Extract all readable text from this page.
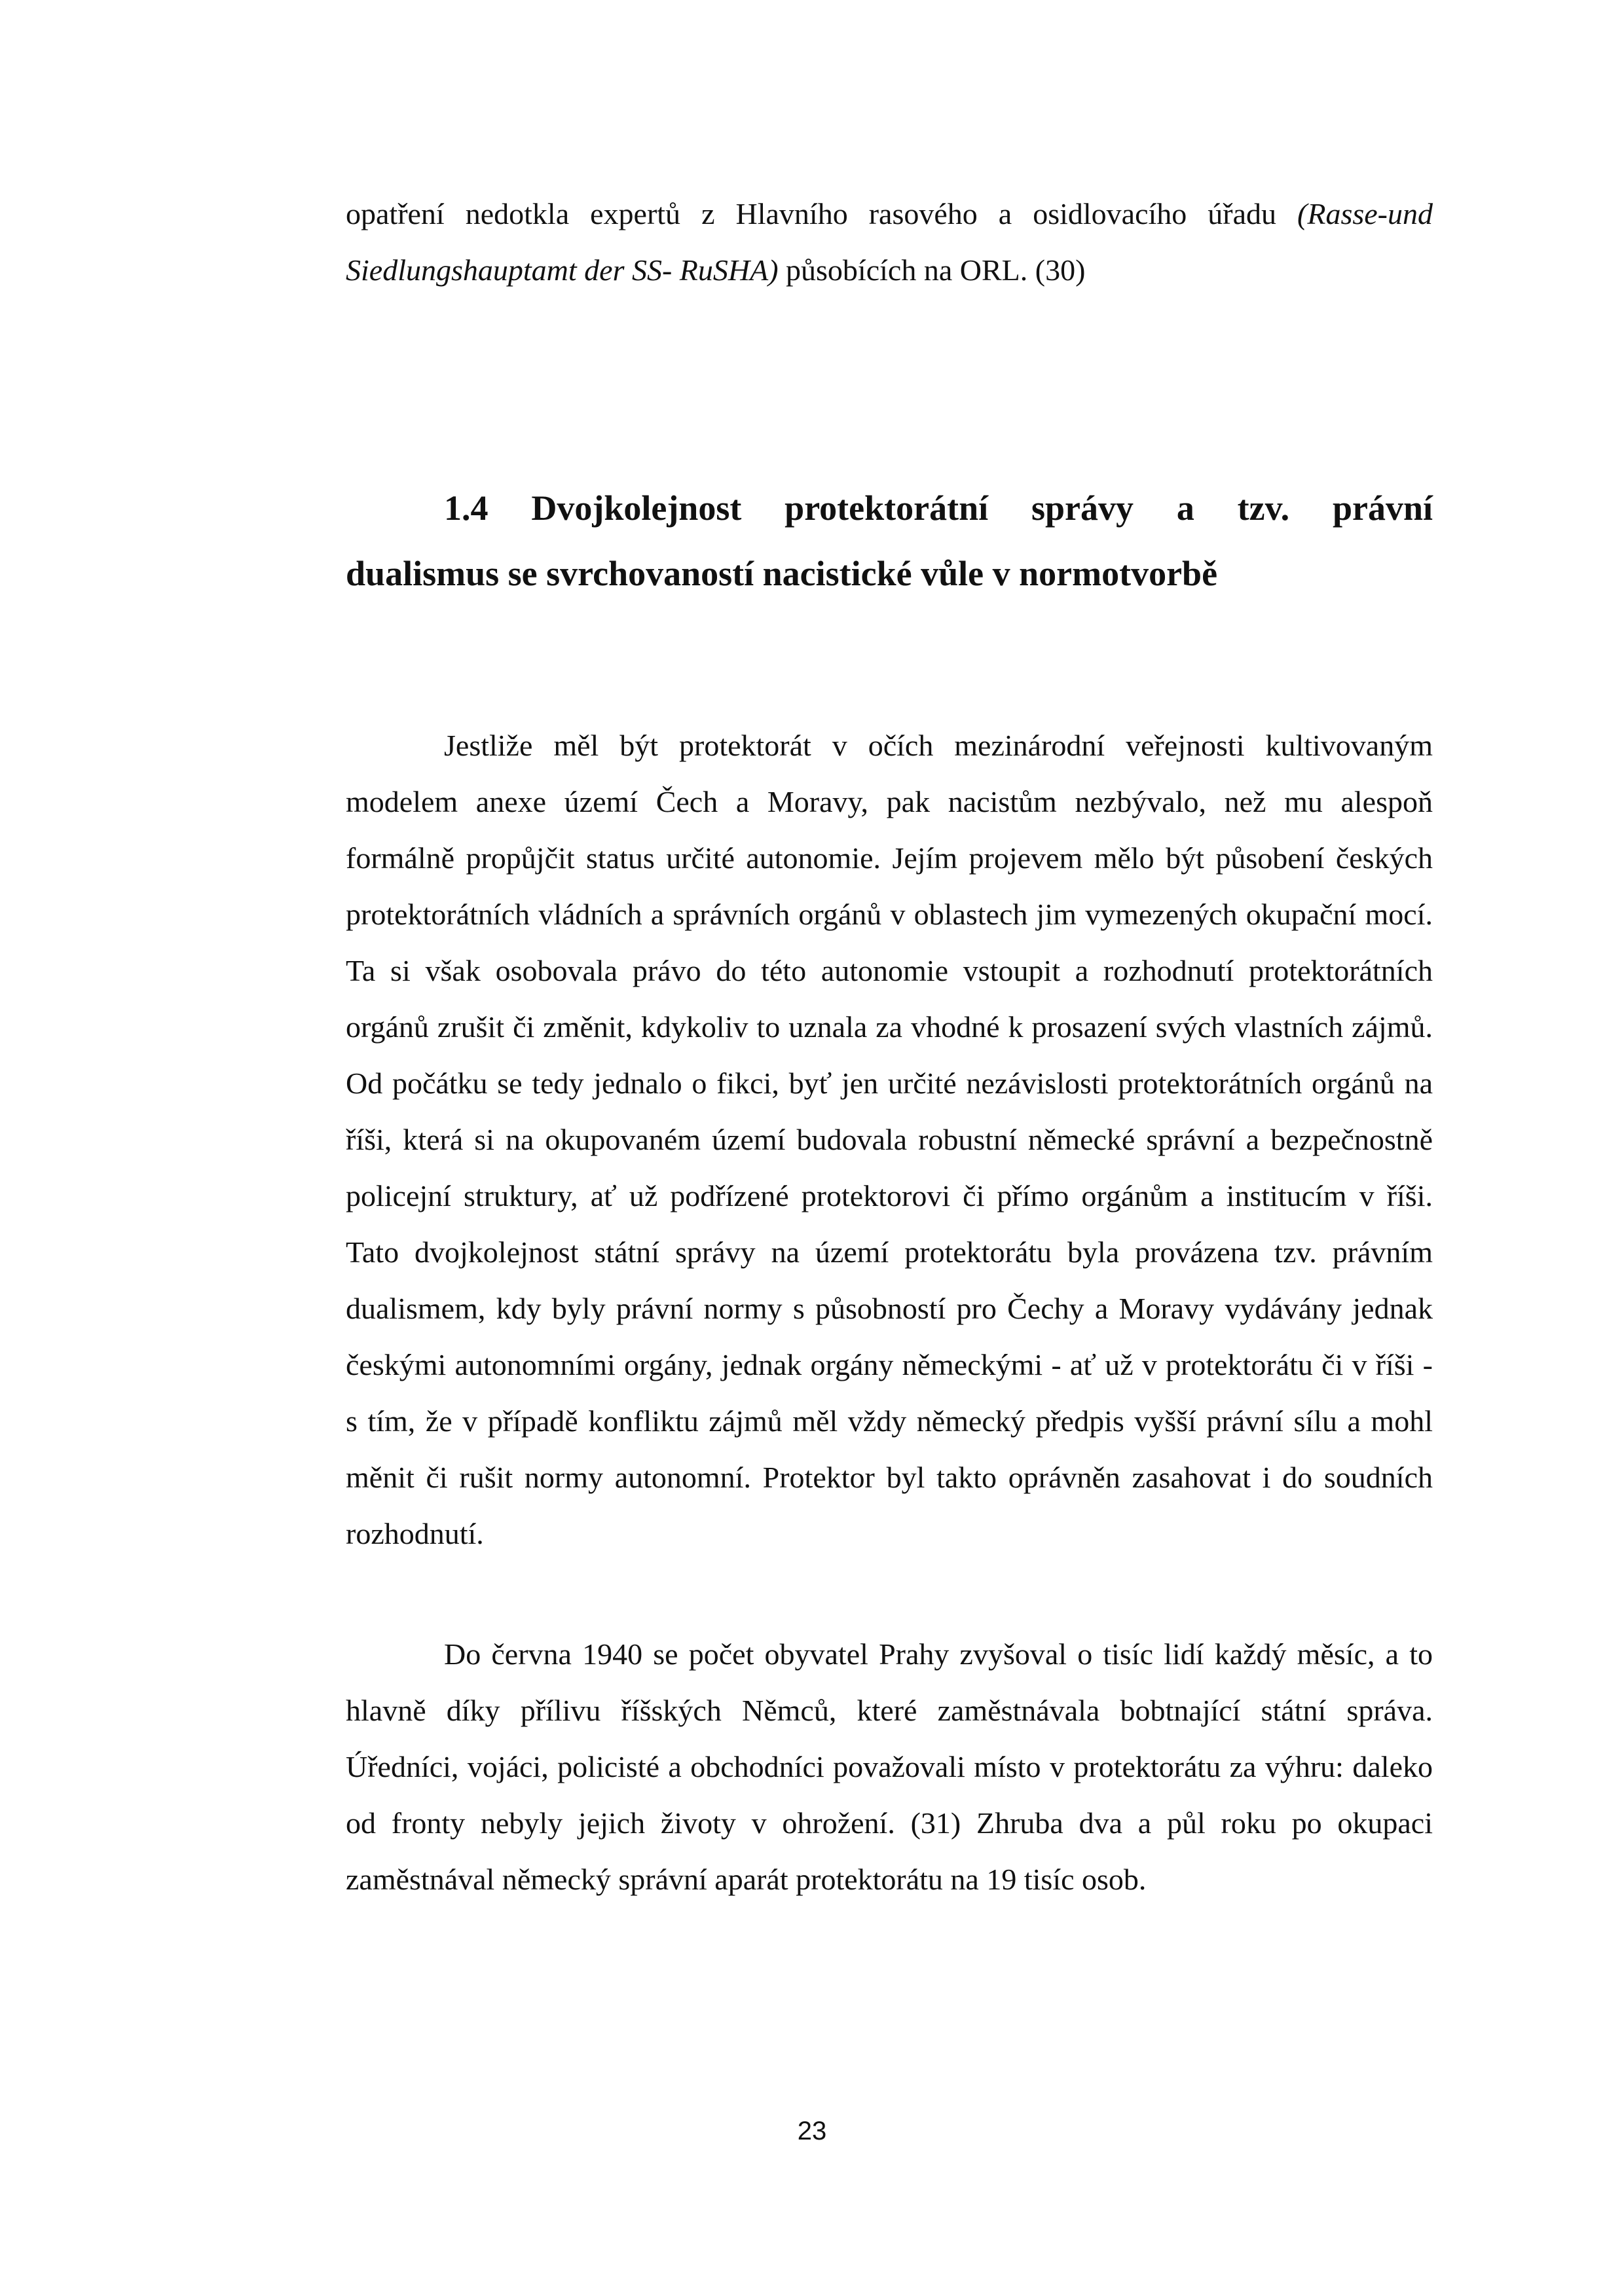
opatření nedotkla expertů z Hlavního rasového a osidlovacího úřadu (Rasse-und Siedlungshauptamt der SS- RuSHA) působících na ORL. (30)

1.4 Dvojkolejnost protektorátní správy a tzv. právní
dualismus se svrchovaností nacistické vůle v normotvorbě

Jestliže měl být protektorát v očích mezinárodní veřejnosti kultivovaným modelem anexe území Čech a Moravy, pak nacistům nezbývalo, než mu alespoň formálně propůjčit status určité autonomie. Jejím projevem mělo být působení českých protektorátních vládních a správních orgánů v oblastech jim vymezených okupační mocí. Ta si však osobovala právo do této autonomie vstoupit a rozhodnutí protektorátních orgánů zrušit či změnit, kdykoliv to uznala za vhodné k prosazení svých vlastních zájmů. Od počátku se tedy jednalo o fikci, byť jen určité nezávislosti protektorátních orgánů na říši, která si na okupovaném území budovala robustní německé správní a bezpečnostně policejní struktury, ať už podřízené protektorovi či přímo orgánům a institucím v říši. Tato dvojkolejnost státní správy na území protektorátu byla provázena tzv. právním dualismem, kdy byly právní normy s působností pro Čechy a Moravy vydávány jednak českými autonomními orgány, jednak orgány německými - ať už v protektorátu či v říši - s tím, že v případě konfliktu zájmů měl vždy německý předpis vyšší právní sílu a mohl měnit či rušit normy autonomní. Protektor byl takto oprávněn zasahovat i do soudních rozhodnutí.

Do června 1940 se počet obyvatel Prahy zvyšoval o tisíc lidí každý měsíc, a to hlavně díky přílivu říšských Němců, které zaměstnávala bobtnající státní správa. Úředníci, vojáci, policisté a obchodníci považovali místo v protektorátu za výhru: daleko od fronty nebyly jejich životy v ohrožení. (31) Zhruba dva a půl roku po okupaci zaměstnával německý správní aparát protektorátu na 19 tisíc osob.

23
